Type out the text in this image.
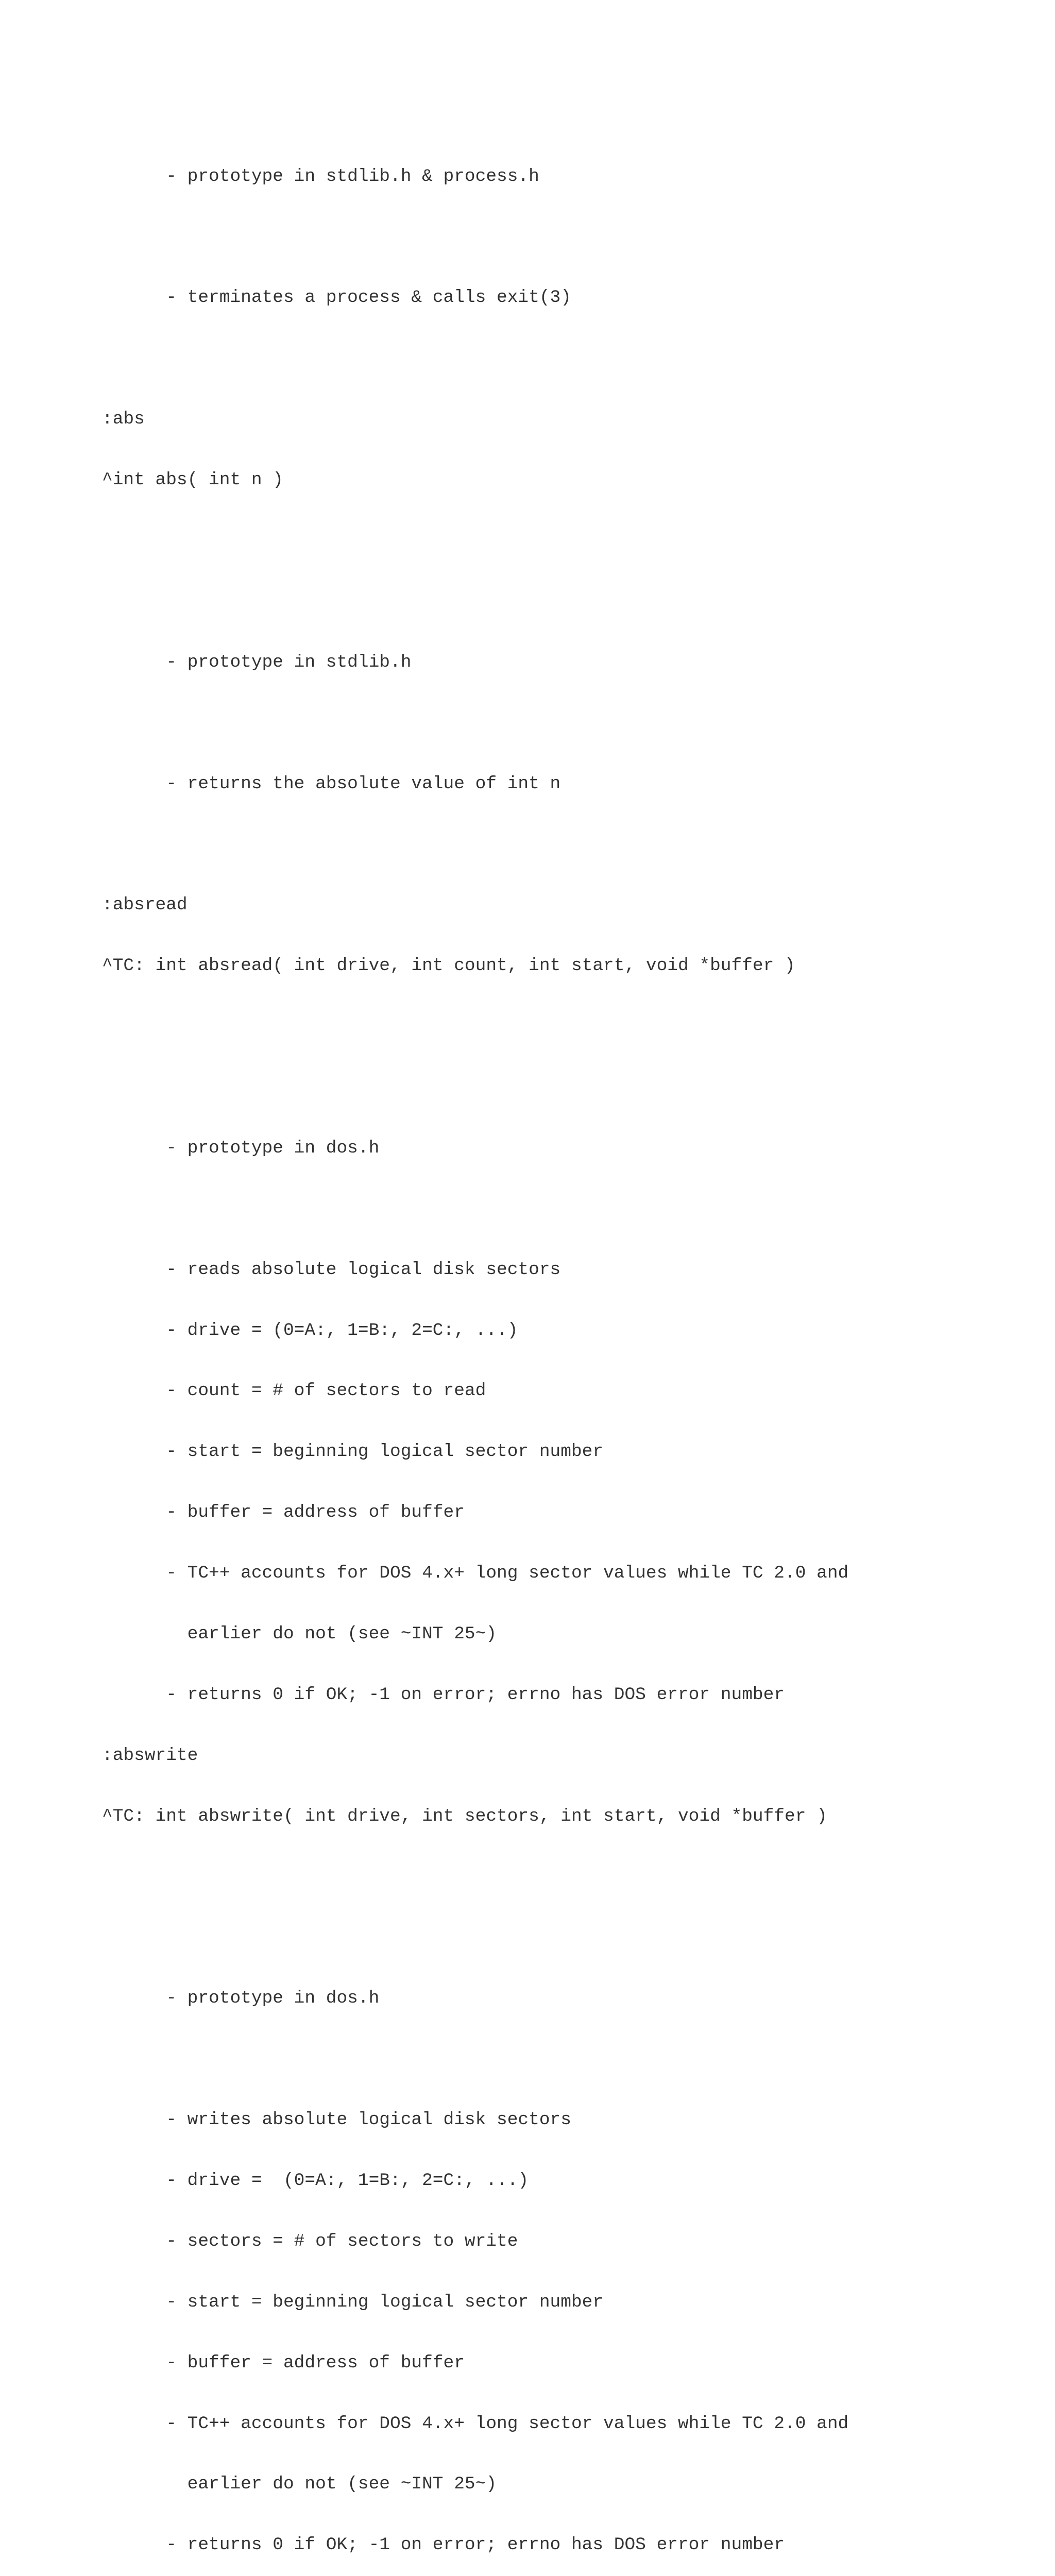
- prototype in stdlib.h & process.h

- terminates a process & calls exit(3)

:abs

^int abs( int n )

- prototype in stdlib.h

- returns the absolute value of int n

:absread

^TC: int absread( int drive, int count, int start, void *buffer )

- prototype in dos.h

- reads absolute logical disk sectors

- drive = (0=A:, 1=B:, 2=C:, ...)

- count = # of sectors to read

- start = beginning logical sector number

- buffer = address of buffer

- TC++ accounts for DOS 4.x+ long sector values while TC 2.0 and

earlier do not (see ~INT 25~)

- returns 0 if OK; -1 on error; errno has DOS error number

:abswrite

^TC: int abswrite( int drive, int sectors, int start, void *buffer )

- prototype in dos.h

- writes absolute logical disk sectors

- drive =  (0=A:, 1=B:, 2=C:, ...)

- sectors = # of sectors to write

- start = beginning logical sector number

- buffer = address of buffer

- TC++ accounts for DOS 4.x+ long sector values while TC 2.0 and

earlier do not (see ~INT 25~)

- returns 0 if OK; -1 on error; errno has DOS error number
